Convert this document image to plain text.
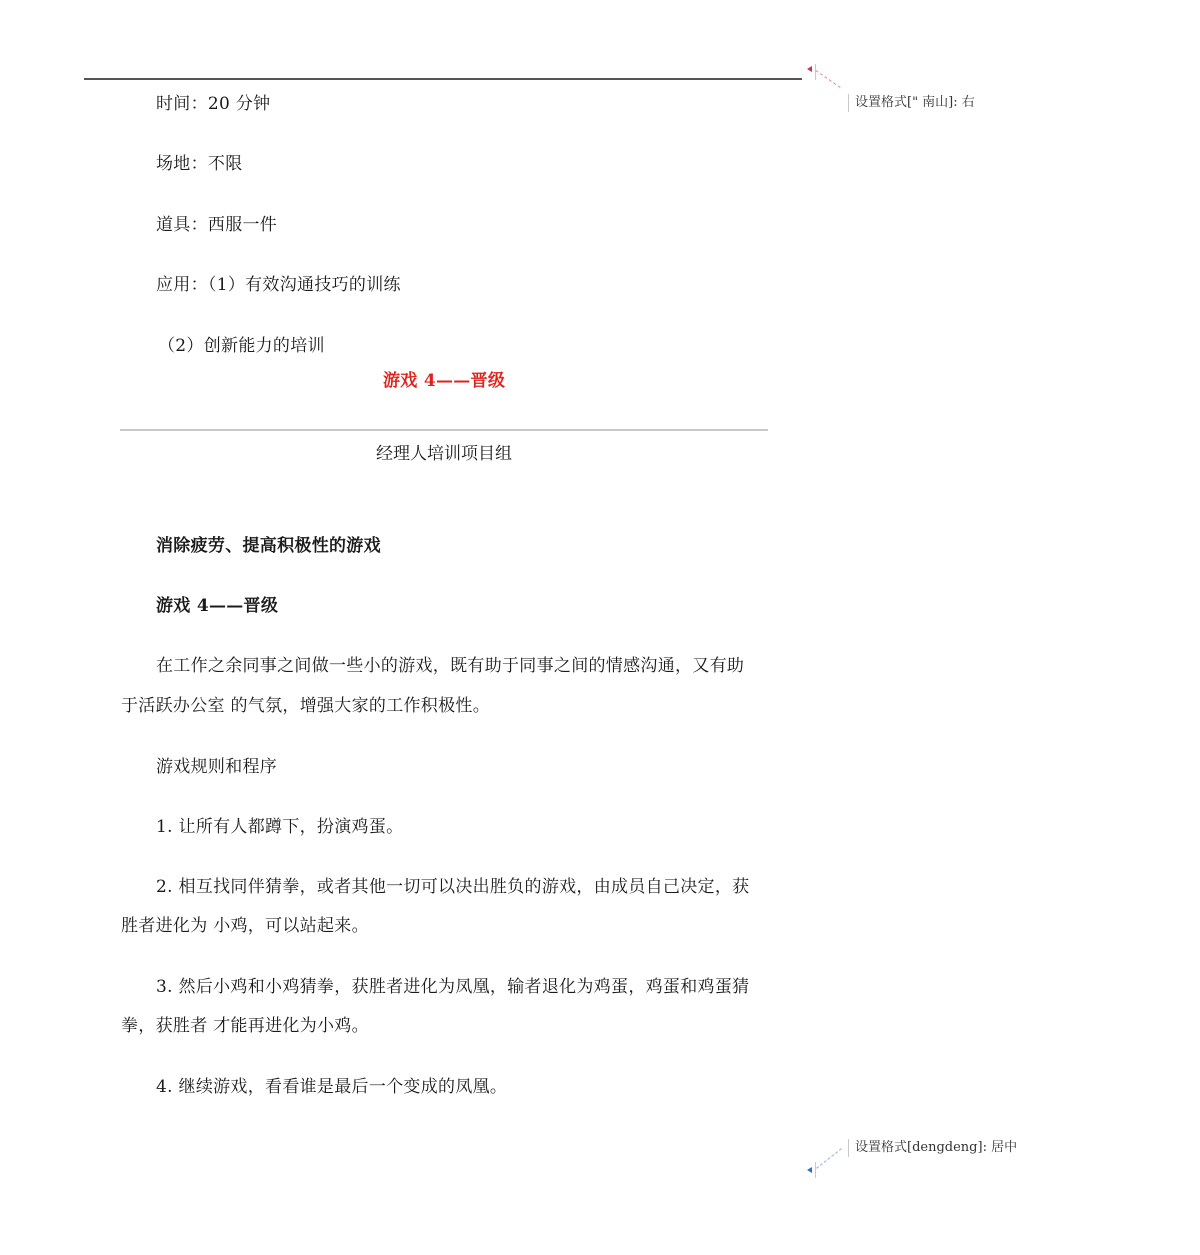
时间：20 分钟
场地：不限
道具：西服一件
应用：（1）有效沟通技巧的训练
（2）创新能力的培训
游戏 4——晋级
经理人培训项目组
消除疲劳、提高积极性的游戏
游戏 4——晋级
在工作之余同事之间做一些小的游戏，既有助于同事之间的情感沟通，又有助
于活跃办公室 的气氛，增强大家的工作积极性。
游戏规则和程序
1. 让所有人都蹲下，扮演鸡蛋。
2. 相互找同伴猜拳，或者其他一切可以决出胜负的游戏，由成员自己决定，获
胜者进化为 小鸡，可以站起来。
3. 然后小鸡和小鸡猜拳，获胜者进化为凤凰，输者退化为鸡蛋，鸡蛋和鸡蛋猜
拳，获胜者 才能再进化为小鸡。
4. 继续游戏，看看谁是最后一个变成的凤凰。
设置格式[" 南山]: 右
设置格式[dengdeng]: 居中
